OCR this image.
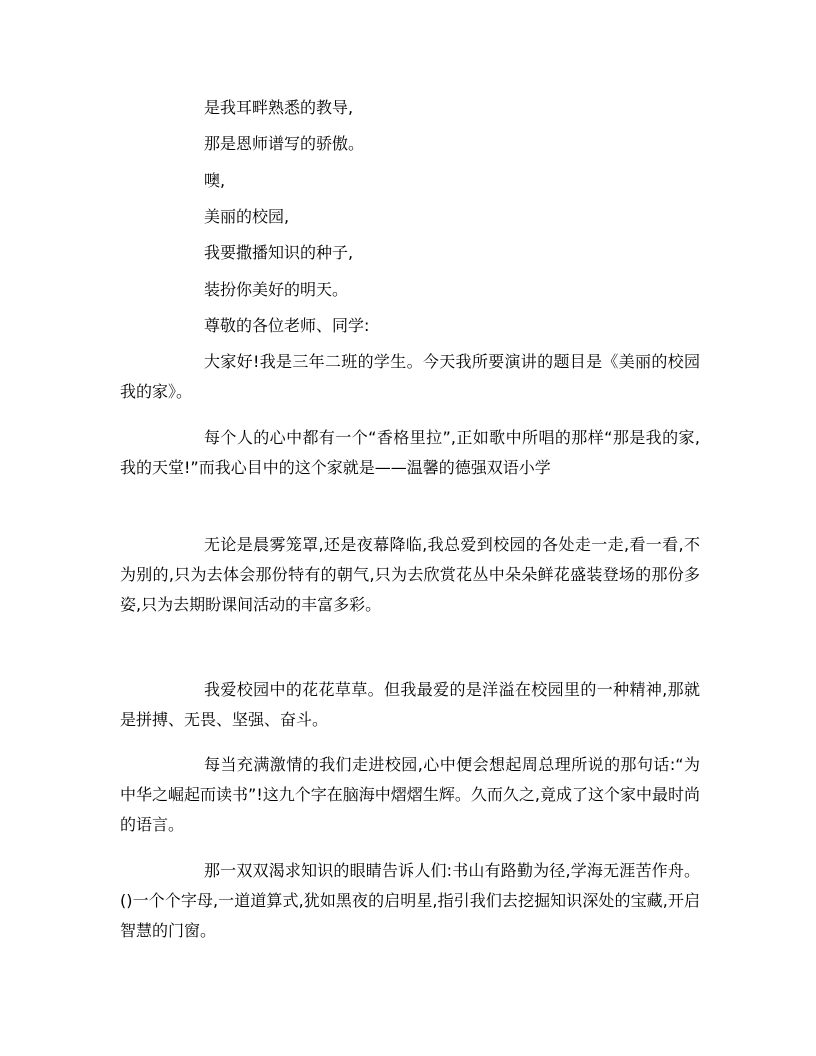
是我耳畔熟悉的教导,

那是恩师谱写的骄傲。

噢,

美丽的校园,

我要撒播知识的种子,

装扮你美好的明天。

尊敬的各位老师、同学:

大家好!我是三年二班的学生。今天我所要演讲的题目是《美丽的校园我的家》。

每个人的心中都有一个“香格里拉”,正如歌中所唱的那样“那是我的家,我的天堂!”而我心目中的这个家就是——温馨的德强双语小学

无论是晨雾笼罩,还是夜幕降临,我总爱到校园的各处走一走,看一看,不为别的,只为去体会那份特有的朝气,只为去欣赏花丛中朵朵鲜花盛装登场的那份多姿,只为去期盼课间活动的丰富多彩。

我爱校园中的花花草草。但我最爱的是洋溢在校园里的一种精神,那就是拼搏、无畏、坚强、奋斗。

每当充满激情的我们走进校园,心中便会想起周总理所说的那句话:“为中华之崛起而读书”!这九个字在脑海中熠熠生辉。久而久之,竟成了这个家中最时尚的语言。

那一双双渴求知识的眼睛告诉人们:书山有路勤为径,学海无涯苦作舟。()一个个字母,一道道算式,犹如黑夜的启明星,指引我们去挖掘知识深处的宝藏,开启智慧的门窗。
